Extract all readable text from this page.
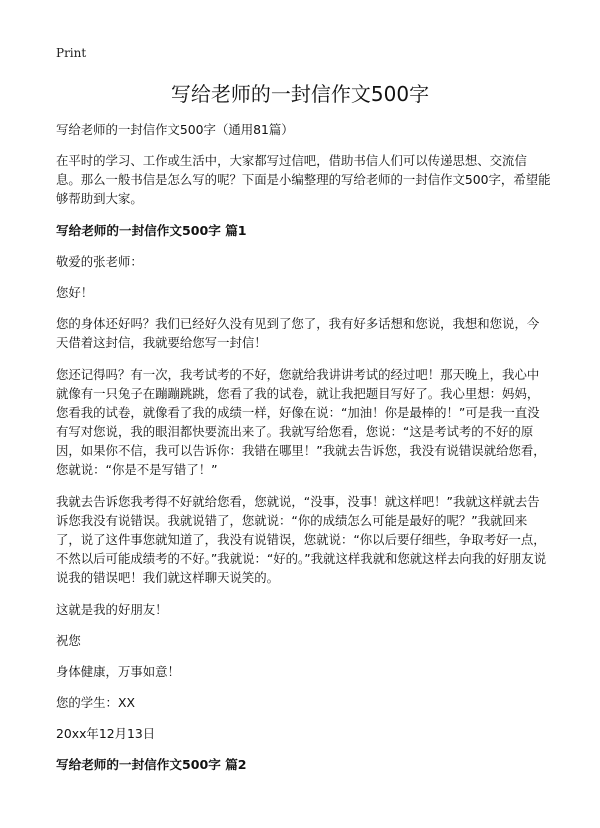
Print
写给老师的一封信作文500字

写给老师的一封信作文500字（通用81篇）

在平时的学习、工作或生活中，大家都写过信吧，借助书信人们可以传递思想、交流信息。那么一般书信是怎么写的呢？下面是小编整理的写给老师的一封信作文500字，希望能够帮助到大家。

写给老师的一封信作文500字 篇1

敬爱的张老师：

您好！

您的身体还好吗？我们已经好久没有见到了您了，我有好多话想和您说，我想和您说，今天借着这封信，我就要给您写一封信！

您还记得吗？有一次，我考试考的不好，您就给我讲讲考试的经过吧！那天晚上，我心中就像有一只兔子在蹦蹦跳跳，您看了我的试卷，就让我把题目写好了。我心里想：妈妈，您看我的试卷，就像看了我的成绩一样，好像在说：“加油！你是最棒的！”可是我一直没有写对您说，我的眼泪都快要流出来了。我就写给您看，您说：“这是考试考的不好的原因，如果你不信，我可以告诉你：我错在哪里！”我就去告诉您，我没有说错误就给您看，您就说：“你是不是写错了！”

我就去告诉您我考得不好就给您看，您就说，“没事，没事！就这样吧！”我就这样就去告诉您我没有说错误。我就说错了，您就说：“你的成绩怎么可能是最好的呢？”我就回来了，说了这件事您就知道了，我没有说错误，您就说：“你以后要仔细些，争取考好一点，不然以后可能成绩考的不好。”我就说：“好的。”我就这样我就和您就这样去向我的好朋友说说我的错误吧！我们就这样聊天说笑的。

这就是我的好朋友！

祝您

身体健康，万事如意！

您的学生：XX

20xx年12月13日

写给老师的一封信作文500字 篇2
